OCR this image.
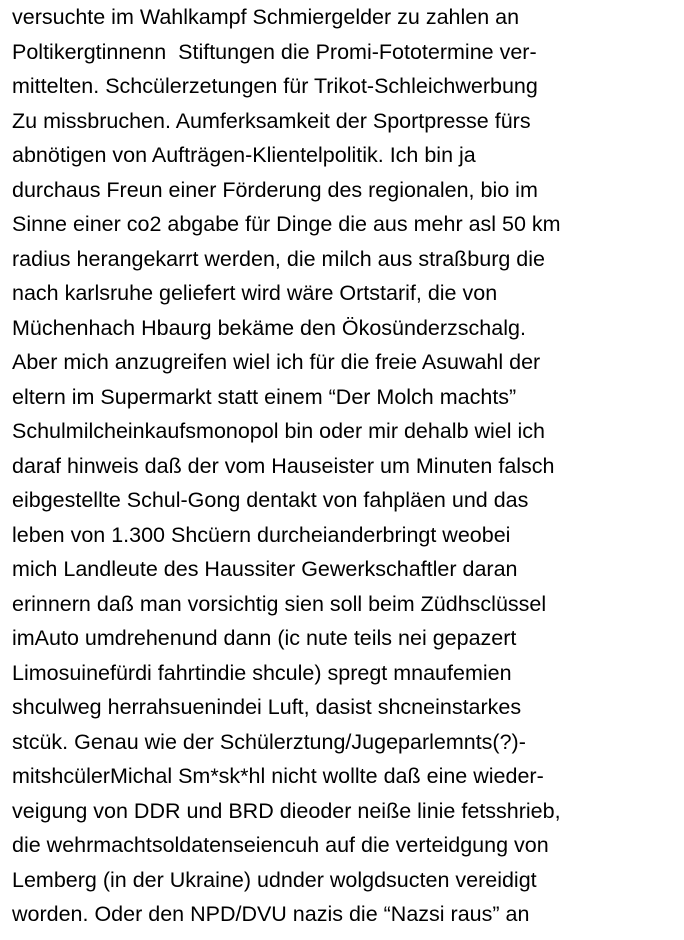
versuchte im Wahlkampf Schmiergelder zu zahlen an
Poltikergtinnenn  Stiftungen die Promi-Fototermine ver-
mittelten. Schcülerzetungen für Trikot-Schleichwerbung
Zu missbruchen. Aumferksamkeit der Sportpresse fürs
abnötigen von Aufträgen-Klientelpolitik. Ich bin ja
durchaus Freun einer Förderung des regionalen, bio im
Sinne einer co2 abgabe für Dinge die aus mehr asl 50 km
radius herangekarrt werden, die milch aus straßburg die
nach karlsruhe geliefert wird wäre Ortstarif, die von
Müchenhach Hbaurg bekäme den Ökosünderzschalg.
Aber mich anzugreifen wiel ich für die freie Asuwahl der
eltern im Supermarkt statt einem “Der Molch machts”
Schulmilcheinkaufsmonopol bin oder mir dehalb wiel ich
daraf hinweis daß der vom Hauseister um Minuten falsch
eibgestellte Schul-Gong dentakt von fahpläen und das
leben von 1.300 Shcüern durcheianderbringt weobei
mich Landleute des Haussiter Gewerkschaftler daran
erinnern daß man vorsichtig sien soll beim Züdhsclüssel
imAuto umdrehenund dann (ic nute teils nei gepazert
Limosuinefürdi fahrtindie shcule) spregt mnaufemien
shculweg herrahsuenindei Luft, dasist shcneinstarkes
stcük. Genau wie der Schülerztung/Jugeparlemnts(?)-
mitshcülerMichal Sm*sk*hl nicht wollte daß eine wieder-
veigung von DDR und BRD dieoder neiße linie fetsshrieb,
die wehrmachtsoldatenseiencuh auf die verteidgung von
Lemberg (in der Ukraine) udnder wolgdsucten vereidigt
worden. Oder den NPD/DVU nazis die “Nazsi raus” an
